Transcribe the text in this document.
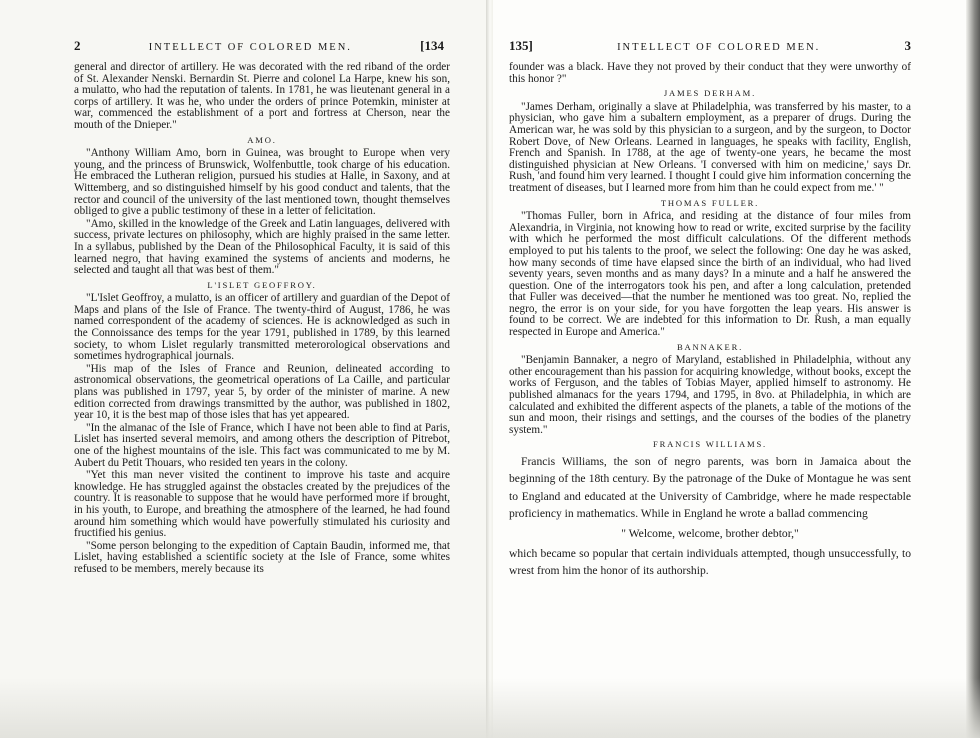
2	INTELLECT OF COLORED MEN.	[134

general and director of artillery. He was decorated with the red riband of the order of St. Alexander Nenski. Bernardin St. Pierre and colonel La Harpe, knew his son, a mulatto, who had the reputation of talents. In 1781, he was lieutenant general in a corps of artillery. It was he, who under the orders of prince Potemkin, minister at war, commenced the establishment of a port and fortress at Cherson, near the mouth of the Dnieper."

AMO.

"Anthony William Amo, born in Guinea, was brought to Europe when very young, and the princess of Brunswick, Wolfenbuttle, took charge of his education. He embraced the Lutheran religion, pursued his studies at Halle, in Saxony, and at Wittemberg, and so distinguished himself by his good conduct and talents, that the rector and council of the university of the last mentioned town, thought themselves obliged to give a public testimony of these in a letter of felicitation.

"Amo, skilled in the knowledge of the Greek and Latin languages, delivered with success, private lectures on philosophy, which are highly praised in the same letter. In a syllabus, published by the Dean of the Philosophical Faculty, it is said of this learned negro, that having examined the systems of ancients and moderns, he selected and taught all that was best of them."

L'ISLET GEOFFROY.

"L'Islet Geoffroy, a mulatto, is an officer of artillery and guardian of the Depot of Maps and plans of the Isle of France. The twenty-third of August, 1786, he was named correspondent of the academy of sciences. He is acknowledged as such in the Connoissance des temps for the year 1791, published in 1789, by this learned society, to whom Lislet regularly transmitted meterorological observations and sometimes hydrographical journals.

"His map of the Isles of France and Reunion, delineated according to astronomical observations, the geometrical operations of La Caille, and particular plans was published in 1797, year 5, by order of the minister of marine. A new edition corrected from drawings transmitted by the author, was published in 1802, year 10, it is the best map of those isles that has yet appeared.

"In the almanac of the Isle of France, which I have not been able to find at Paris, Lislet has inserted several memoirs, and among others the description of Pitrebot, one of the highest mountains of the isle. This fact was communicated to me by M. Aubert du Petit Thouars, who resided ten years in the colony.

"Yet this man never visited the continent to improve his taste and acquire knowledge. He has struggled against the obstacles created by the prejudices of the country. It is reasonable to suppose that he would have performed more if brought, in his youth, to Europe, and breathing the atmosphere of the learned, he had found around him something which would have powerfully stimulated his curiosity and fructified his genius.

"Some person belonging to the expedition of Captain Baudin, informed me, that Lislet, having established a scientific society at the Isle of France, some whites refused to be members, merely because its

135]	INTELLECT OF COLORED MEN.	3

founder was a black. Have they not proved by their conduct that they were unworthy of this honor ?"

JAMES DERHAM.

"James Derham, originally a slave at Philadelphia, was transferred by his master, to a physician, who gave him a subaltern employment, as a preparer of drugs. During the American war, he was sold by this physician to a surgeon, and by the surgeon, to Doctor Robert Dove, of New Orleans. Learned in languages, he speaks with facility, English, French and Spanish. In 1788, at the age of twenty-one years, he became the most distinguished physician at New Orleans. 'I conversed with him on medicine,' says Dr. Rush, 'and found him very learned. I thought I could give him information concerning the treatment of diseases, but I learned more from him than he could expect from me.' "

THOMAS FULLER.

"Thomas Fuller, born in Africa, and residing at the distance of four miles from Alexandria, in Virginia, not knowing how to read or write, excited surprise by the facility with which he performed the most difficult calculations. Of the different methods employed to put his talents to the proof, we select the following: One day he was asked, how many seconds of time have elapsed since the birth of an individual, who had lived seventy years, seven months and as many days? In a minute and a half he answered the question. One of the interrogators took his pen, and after a long calculation, pretended that Fuller was deceived—that the number he mentioned was too great. No, replied the negro, the error is on your side, for you have forgotten the leap years. His answer is found to be correct. We are indebted for this information to Dr. Rush, a man equally respected in Europe and America."

BANNAKER.

"Benjamin Bannaker, a negro of Maryland, established in Philadelphia, without any other encouragement than his passion for acquiring knowledge, without books, except the works of Ferguson, and the tables of Tobias Mayer, applied himself to astronomy. He published almanacs for the years 1794, and 1795, in 8vo. at Philadelphia, in which are calculated and exhibited the different aspects of the planets, a table of the motions of the sun and moon, their risings and settings, and the courses of the bodies of the planetry system."

FRANCIS WILLIAMS.

Francis Williams, the son of negro parents, was born in Jamaica about the beginning of the 18th century. By the patronage of the Duke of Montague he was sent to England and educated at the University of Cambridge, where he made respectable proficiency in mathematics. While in England he wrote a ballad commencing

" Welcome, welcome, brother debtor,"

which became so popular that certain individuals attempted, though unsuccessfully, to wrest from him the honor of its authorship.
